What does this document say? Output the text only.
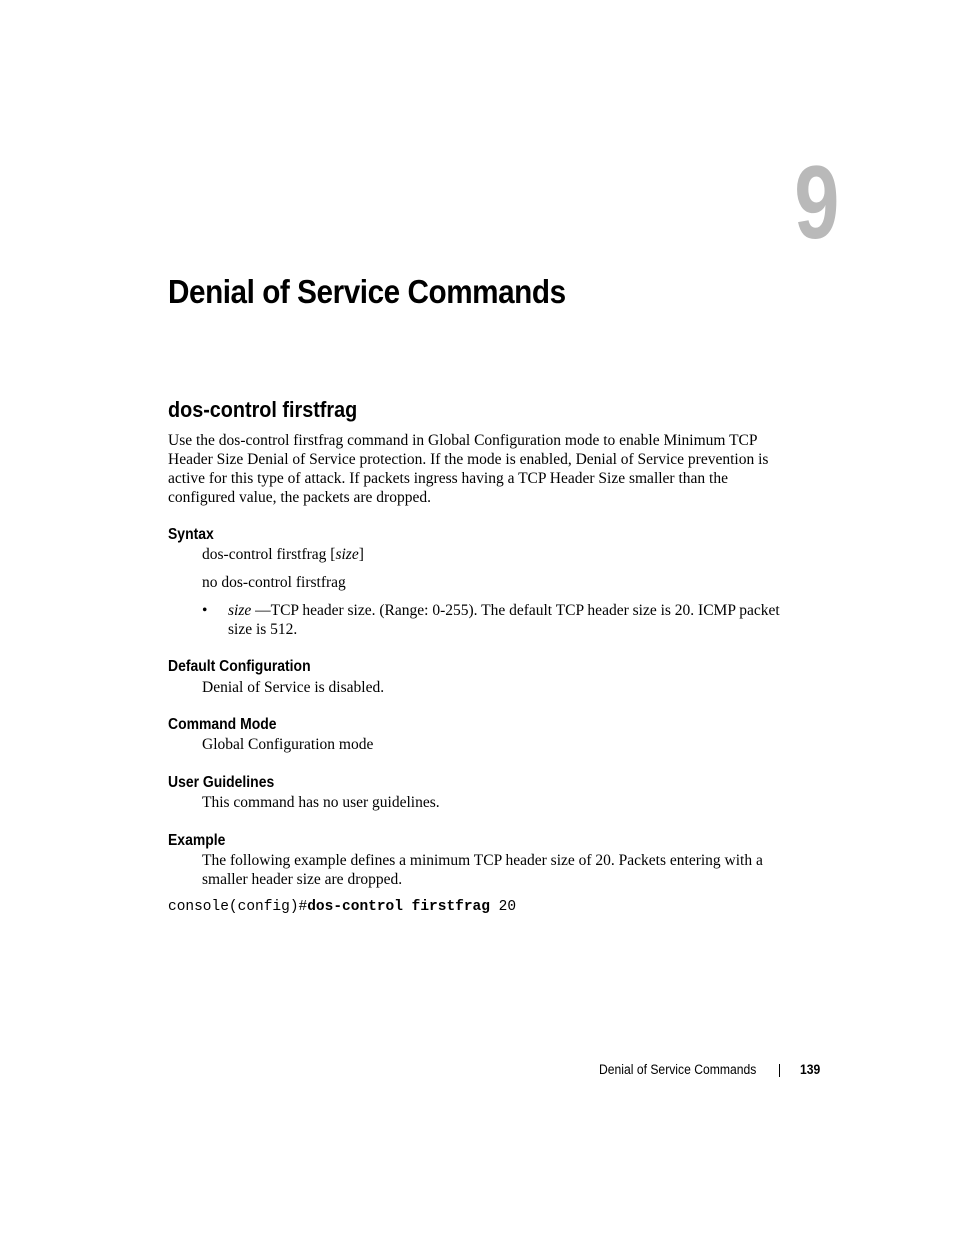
9
Denial of Service Commands
dos-control firstfrag
Use the dos-control firstfrag command in Global Configuration mode to enable Minimum TCP Header Size Denial of Service protection. If the mode is enabled, Denial of Service prevention is active for this type of attack. If packets ingress having a TCP Header Size smaller than the configured value, the packets are dropped.
Syntax
dos-control firstfrag [size]
no dos-control firstfrag
• size —TCP header size. (Range: 0-255). The default TCP header size is 20. ICMP packet size is 512.
Default Configuration
Denial of Service is disabled.
Command Mode
Global Configuration mode
User Guidelines
This command has no user guidelines.
Example
The following example defines a minimum TCP header size of 20. Packets entering with a smaller header size are dropped.
console(config)#dos-control firstfrag 20
Denial of Service Commands	139
